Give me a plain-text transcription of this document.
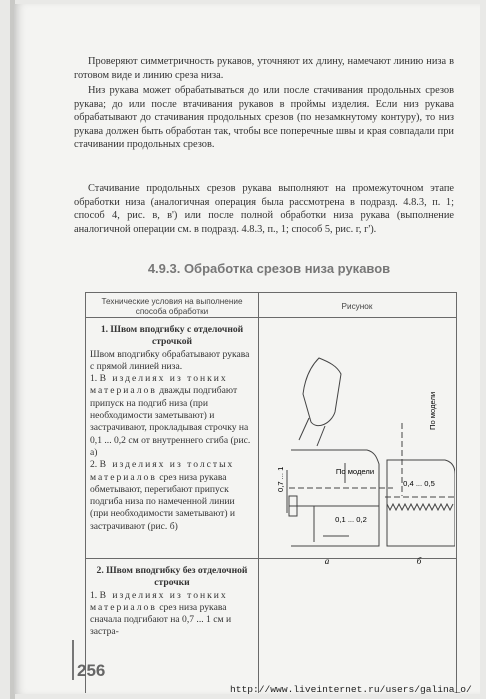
Проверяют симметричность рукавов, уточняют их длину, намечают линию низа в готовом виде и линию среза низа.

Низ рукава может обрабатываться до или после стачивания продольных срезов рукава; до или после втачивания рукавов в проймы изделия. Если низ рукава обрабатывают до стачивания продольных срезов (по незамкнутому контуру), то низ рукава должен быть обработан так, чтобы все поперечные швы и края совпадали при стачивании продольных срезов.

Стачивание продольных срезов рукава выполняют на промежуточном этапе обработки низа (аналогичная операция была рассмотрена в подразд. 4.8.3, п. 1; способ 4, рис. в, в') или после полной обработки низа рукава (выполнение аналогичной операции см. в подразд. 4.8.3, п., 1; способ 5, рис. г, г').

4.9.3. Обработка срезов низа рукавов
Технические условия на выполнение способа обработки
Рисунок
1. Швом вподгибку с отделочной строчкой

Швом вподгибку обрабатывают рукава с прямой линией низа.

1. В изделиях из тонких материалов дважды подгибают припуск на подгиб низа (при необходимости заметывают) и застрачивают, прокладывая строчку на 0,1 ... 0,2 см от внутреннего сгиба (рис. а)

2. В изделиях из толстых материалов срез низа рукава обметывают, перегибают припуск подгиба низа по намеченной линии (при необходимости заметывают) и застрачивают (рис. б)

2. Швом вподгибку без отделочной строчки

1. В изделиях из тонких материалов срез низа рукава сначала подгибают на 0,7 ... 1 см и застра-

По модели
0,1 ... 0,2
0,7 ... 1	0,4 ... 0,5
По модели
а	б
256
http://www.liveinternet.ru/users/galina_o/
